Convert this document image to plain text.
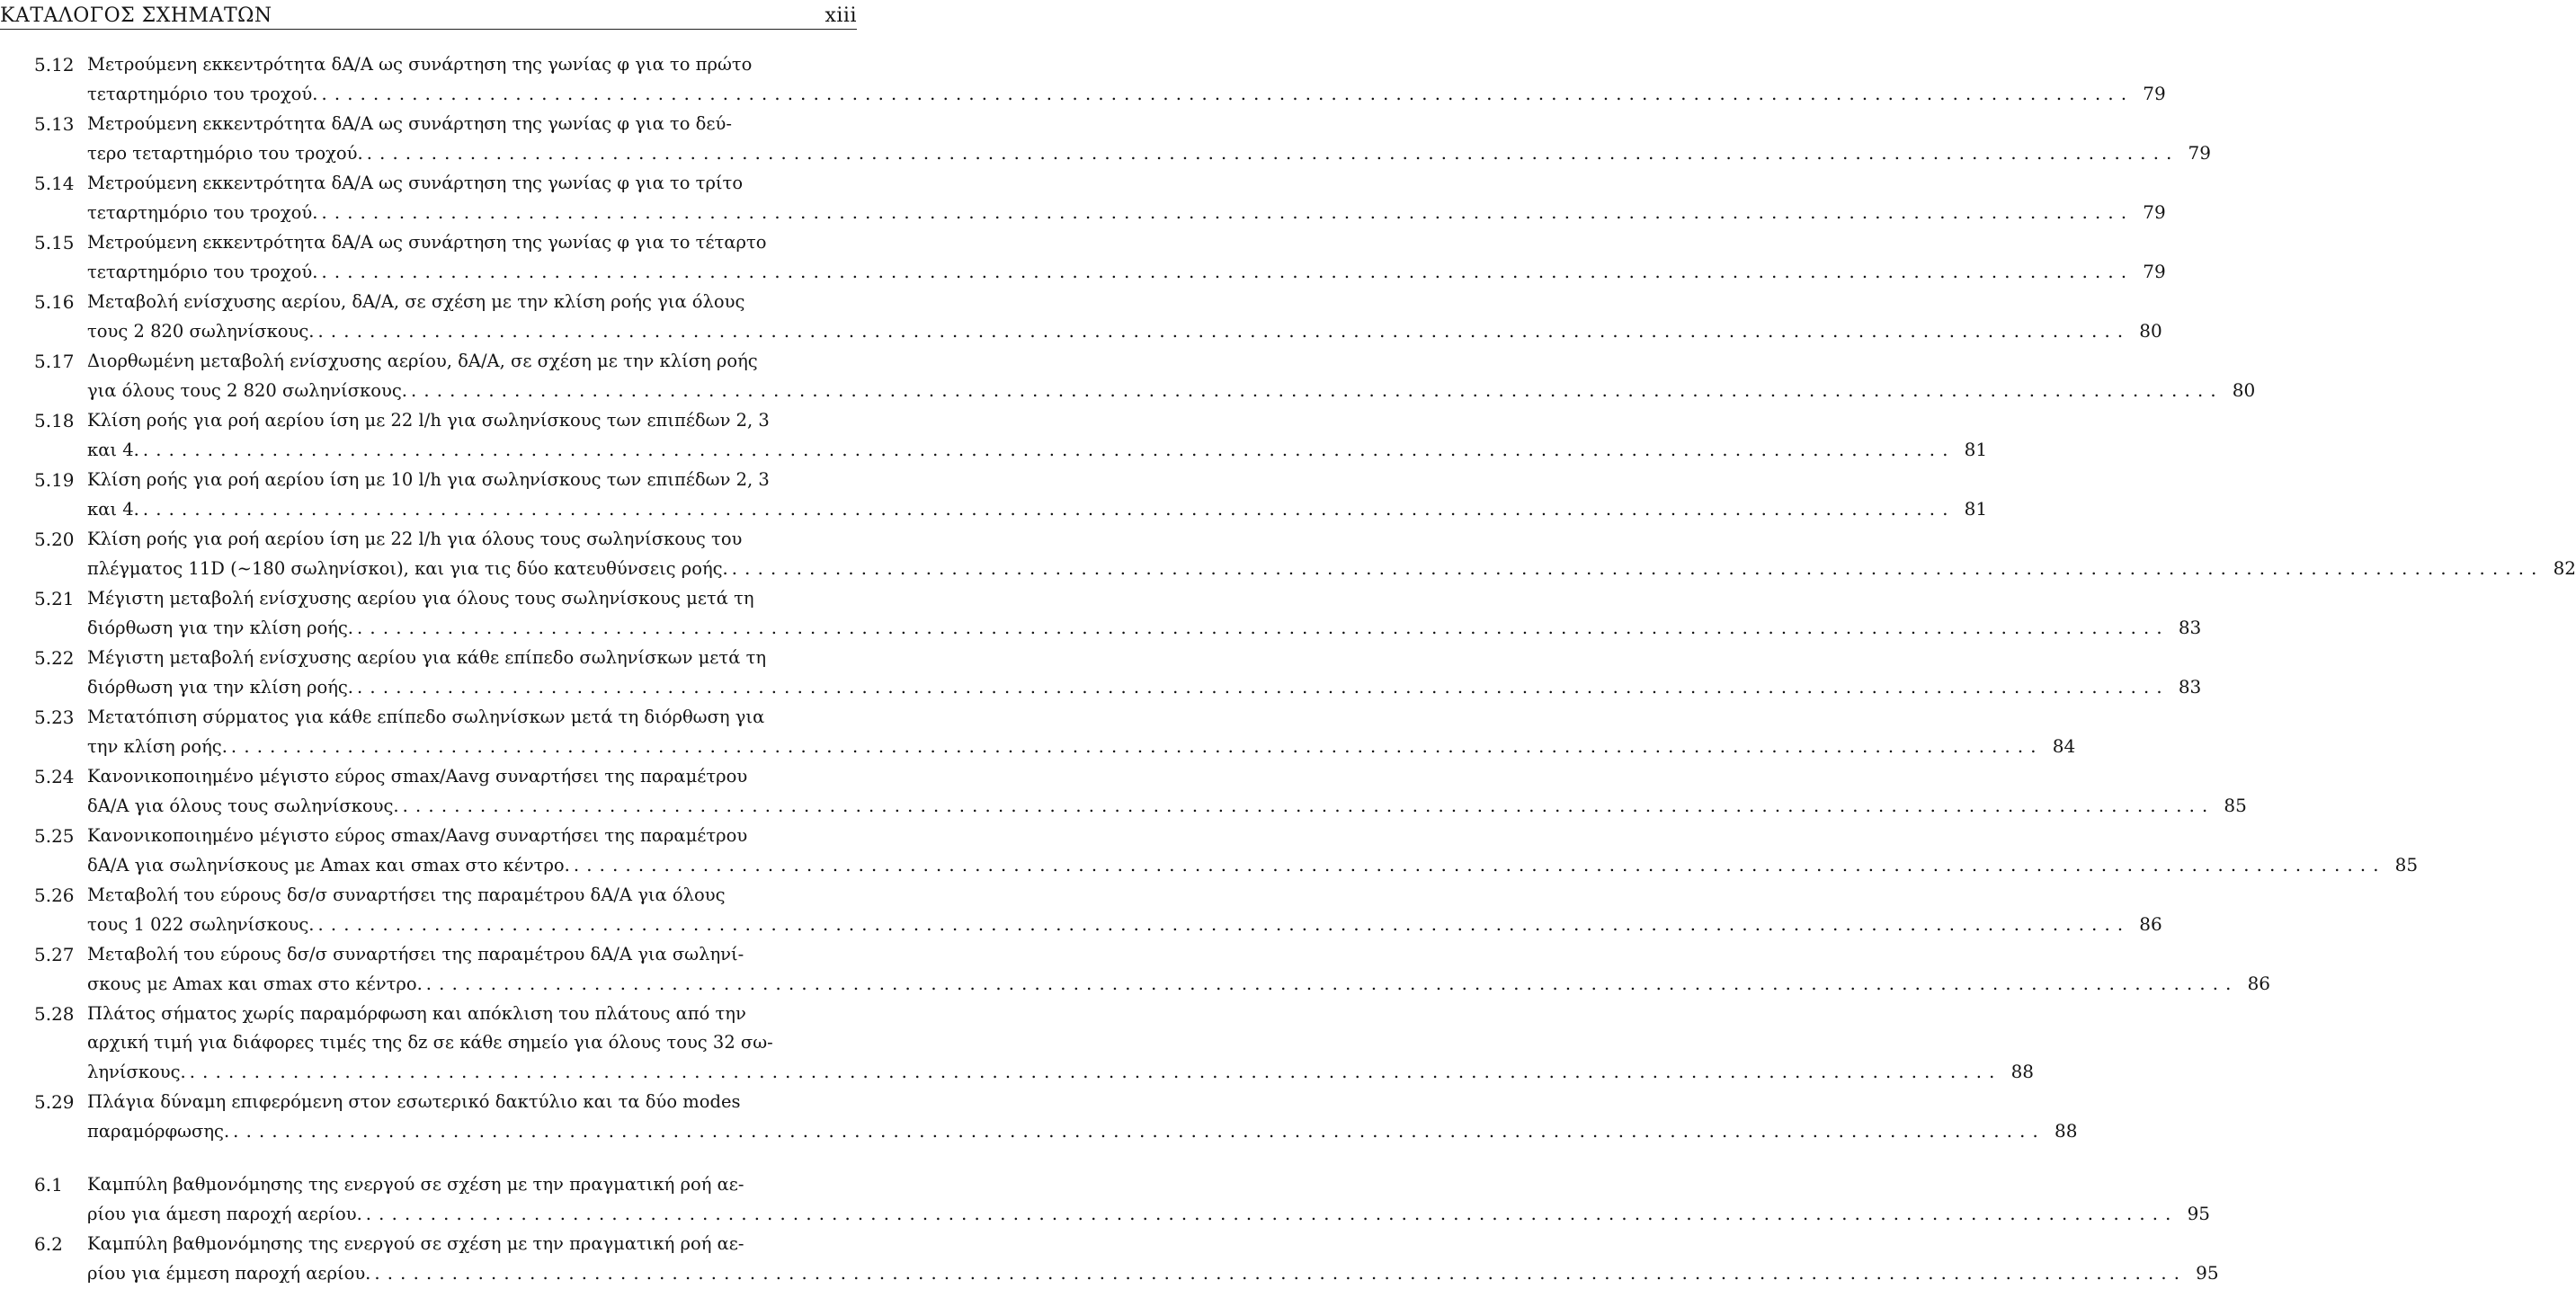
ΚΑΤΑΛΟΓΟΣ ΣΧΗΜΑΤΩΝ	xiii
5.12 Μετρούμενη εκκεντρότητα δA/A ως συνάρτηση της γωνίας φ για το πρώτο
τεταρτημόριο του τροχού. ............................................................................................................................................ 79
5.13 Μετρούμενη εκκεντρότητα δA/A ως συνάρτηση της γωνίας φ για το δεύ-
τερο τεταρτημόριο του τροχού. ............................................................................................................................................ 79
5.14 Μετρούμενη εκκεντρότητα δA/A ως συνάρτηση της γωνίας φ για το τρίτο
τεταρτημόριο του τροχού. ............................................................................................................................................ 79
5.15 Μετρούμενη εκκεντρότητα δA/A ως συνάρτηση της γωνίας φ για το τέταρτο
τεταρτημόριο του τροχού. ............................................................................................................................................ 79
5.16 Μεταβολή ενίσχυσης αερίου, δA/A, σε σχέση με την κλίση ροής για όλους
τους 2 820 σωληνίσκους. ............................................................................................................................................ 80
5.17 Διορθωμένη μεταβολή ενίσχυσης αερίου, δA/A, σε σχέση με την κλίση ροής
για όλους τους 2 820 σωληνίσκους. ............................................................................................................................................ 80
5.18 Κλίση ροής για ροή αερίου ίση με 22 l/h για σωληνίσκους των επιπέδων 2, 3
και 4. ............................................................................................................................................ 81
5.19 Κλίση ροής για ροή αερίου ίση με 10 l/h για σωληνίσκους των επιπέδων 2, 3
και 4. ............................................................................................................................................ 81
5.20 Κλίση ροής για ροή αερίου ίση με 22 l/h για όλους τους σωληνίσκους του
πλέγματος 11D (∼180 σωληνίσκοι), και για τις δύο κατευθύνσεις ροής. ............................................................................................................................................ 82
5.21 Μέγιστη μεταβολή ενίσχυσης αερίου για όλους τους σωληνίσκους μετά τη
διόρθωση για την κλίση ροής. ............................................................................................................................................ 83
5.22 Μέγιστη μεταβολή ενίσχυσης αερίου για κάθε επίπεδο σωληνίσκων μετά τη
διόρθωση για την κλίση ροής. ............................................................................................................................................ 83
5.23 Μετατόπιση σύρματος για κάθε επίπεδο σωληνίσκων μετά τη διόρθωση για
την κλίση ροής. ............................................................................................................................................ 84
5.24 Κανονικοποιημένο μέγιστο εύρος σmax/Aavg συναρτήσει της παραμέτρου
δA/A για όλους τους σωληνίσκους. ............................................................................................................................................ 85
5.25 Κανονικοποιημένο μέγιστο εύρος σmax/Aavg συναρτήσει της παραμέτρου
δA/A για σωληνίσκους με Amax και σmax στο κέντρο. ............................................................................................................................................ 85
5.26 Μεταβολή του εύρους δσ/σ συναρτήσει της παραμέτρου δA/A για όλους
τους 1 022 σωληνίσκους. ............................................................................................................................................ 86
5.27 Μεταβολή του εύρους δσ/σ συναρτήσει της παραμέτρου δA/A για σωληνί-
σκους με Amax και σmax στο κέντρο. ............................................................................................................................................ 86
5.28 Πλάτος σήματος χωρίς παραμόρφωση και απόκλιση του πλάτους από την
αρχική τιμή για διάφορες τιμές της δz σε κάθε σημείο για όλους τους 32 σω-
ληνίσκους. ............................................................................................................................................ 88
5.29 Πλάγια δύναμη επιφερόμενη στον εσωτερικό δακτύλιο και τα δύο modes
παραμόρφωσης. ............................................................................................................................................ 88
6.1	Καμπύλη βαθμονόμησης της ενεργού σε σχέση με την πραγματική ροή αε-
ρίου για άμεση παροχή αερίου. ............................................................................................................................................ 95
6.2	Καμπύλη βαθμονόμησης της ενεργού σε σχέση με την πραγματική ροή αε-
ρίου για έμμεση παροχή αερίου. ............................................................................................................................................ 95
